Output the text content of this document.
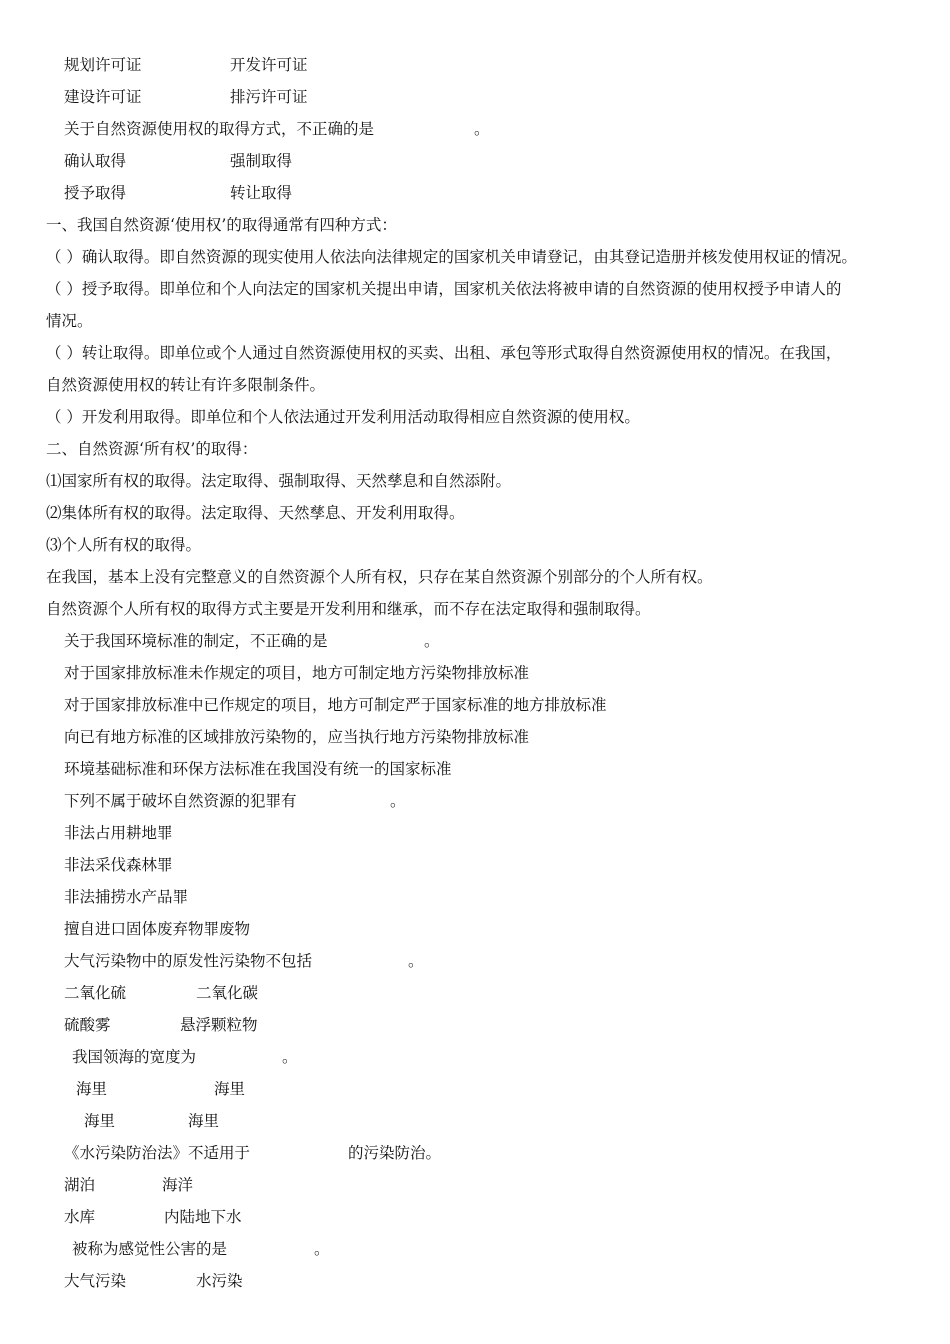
规划许可证	开发许可证
建设许可证	排污许可证
关于自然资源使用权的取得方式，不正确的是	。
确认取得	强制取得
授予取得	转让取得
一、我国自然资源‘使用权’的取得通常有四种方式：
（ ）确认取得。即自然资源的现实使用人依法向法律规定的国家机关申请登记，由其登记造册并核发使用权证的情况。
（ ）授予取得。即单位和个人向法定的国家机关提出申请，国家机关依法将被申请的自然资源的使用权授予申请人的
情况。
（ ）转让取得。即单位或个人通过自然资源使用权的买卖、出租、承包等形式取得自然资源使用权的情况。在我国，
自然资源使用权的转让有许多限制条件。
（ ）开发利用取得。即单位和个人依法通过开发利用活动取得相应自然资源的使用权。
二、自然资源‘所有权’的取得：
⑴国家所有权的取得。法定取得、强制取得、天然孳息和自然添附。
⑵集体所有权的取得。法定取得、天然孳息、开发利用取得。
⑶个人所有权的取得。
在我国，基本上没有完整意义的自然资源个人所有权，只存在某自然资源个别部分的个人所有权。
自然资源个人所有权的取得方式主要是开发利用和继承，而不存在法定取得和强制取得。
关于我国环境标准的制定，不正确的是	。
对于国家排放标准未作规定的项目，地方可制定地方污染物排放标准
对于国家排放标准中已作规定的项目，地方可制定严于国家标准的地方排放标准
向已有地方标准的区域排放污染物的，应当执行地方污染物排放标准
环境基础标准和环保方法标准在我国没有统一的国家标准
下列不属于破坏自然资源的犯罪有	。
非法占用耕地罪
非法采伐森林罪
非法捕捞水产品罪
擅自进口固体废弃物罪废物
大气污染物中的原发性污染物不包括	。
二氧化硫	二氧化碳
硫酸雾	悬浮颗粒物
我国领海的宽度为	。
海里	海里
海里	海里
《水污染防治法》不适用于	的污染防治。
湖泊	海洋
水库	内陆地下水
被称为感觉性公害的是	。
大气污染	水污染
